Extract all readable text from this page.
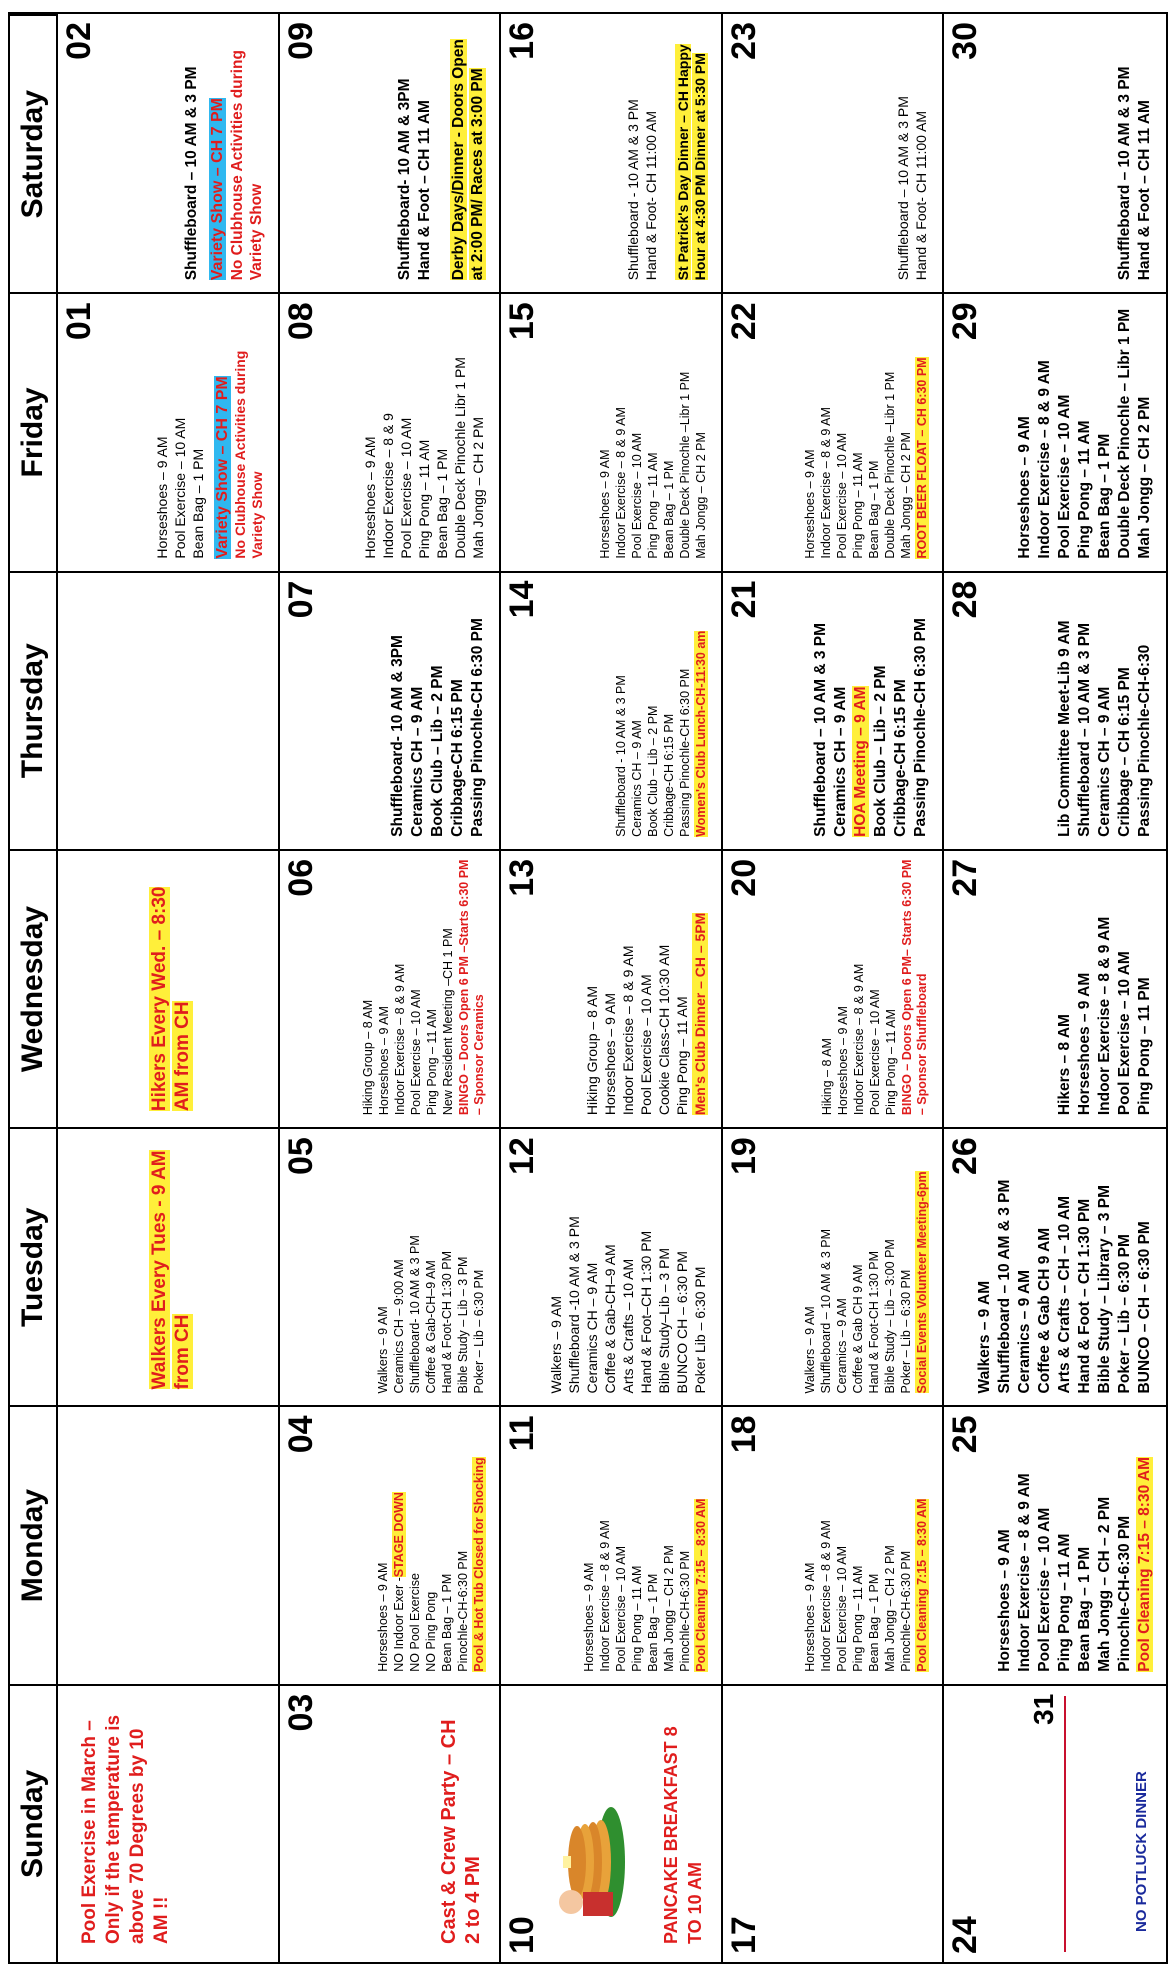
Sunday
Monday
Tuesday
Wednesday
Thursday
Friday
Saturday
Pool Exercise in March – Only if the temperature is above 70 Degrees by 10 AM !!
Walkers Every Tues - 9 AM from CH
Hikers Every Wed. – 8:30 AM from CH
01
Horseshoes – 9 AM Pool Exercise – 10 AM Bean Bag – 1 PM Variety Show – CH 7 PM No Clubhouse Activities during Variety Show
02
Shuffleboard – 10 AM & 3 PM Variety Show – CH 7 PM No Clubhouse Activities during Variety Show
03
Cast & Crew Party – CH 2 to 4 PM
04
Horseshoes – 9 AM NO Indoor Exer -STAGE DOWN
NO Pool Exercise NO Ping Pong Bean Bag – 1 PM Pinochle-CH-6:30 PM Pool & Hot Tub Closed for Shocking
05
Walkers – 9 AM Ceramics CH – 9:00 AM Shuffleboard- 10 AM & 3 PM Coffee & Gab-CH–9 AM Hand & Foot-CH 1:30 PM Bible Study – Lib – 3 PM Poker – Lib – 6:30 PM
06
Hiking Group – 8 AM Horseshoes – 9 AM Indoor Exercise – 8 & 9 AM Pool Exercise – 10 AM Ping Pong – 11 AM New Resident Meeting –CH 1 PM BINGO – Doors Open 6 PM –Starts 6:30 PM – Sponsor Ceramics
07
Shuffleboard- 10 AM & 3PM Ceramics CH – 9 AM Book Club – Lib – 2 PM Cribbage-CH 6:15 PM Passing Pinochle-CH 6:30 PM
08
Horseshoes – 9 AM Indoor Exercise – 8 & 9 Pool Exercise – 10 AM Ping Pong – 11 AM Bean Bag – 1 PM Double Deck Pinochle Libr 1 PM Mah Jongg – CH 2 PM
09
Shuffleboard- 10 AM & 3PM Hand & Foot – CH 11 AM Derby Days/Dinner - Doors Open at 2:00 PM/ Races at 3:00 PM
10	PANCAKE BREAKFAST 8 TO 10 AM
11
Horseshoes – 9 AM Indoor Exercise – 8 & 9 AM Pool Exercise – 10 AM Ping Pong – 11 AM Bean Bag – 1 PM Mah Jongg – CH 2 PM Pinochle-CH-6:30 PM Pool Cleaning 7:15 – 8:30 AM
12
Walkers – 9 AM Shuffleboard -10 AM & 3 PM Ceramics CH – 9 AM Coffee & Gab-CH–9 AM Arts & Crafts – 10 AM Hand & Foot–CH 1:30 PM Bible Study–Lib – 3 PM BUNCO CH – 6:30 PM Poker Lib – 6:30 PM
13
Hiking Group – 8 AM Horseshoes – 9 AM Indoor Exercise – 8 & 9 AM Pool Exercise – 10 AM Cookie Class-CH 10:30 AM Ping Pong – 11 AM Men's Club Dinner – CH – 5PM
14
Shuffleboard - 10 AM & 3 PM Ceramics CH – 9 AM Book Club – Lib – 2 PM Cribbage-CH 6:15 PM Passing Pinochle-CH 6:30 PM Women's Club Lunch-CH-11:30 am
15
Horseshoes – 9 AM Indoor Exercise – 8 & 9 AM Pool Exercise – 10 AM Ping Pong – 11 AM Bean Bag – 1 PM Double Deck Pinochle –Libr 1 PM Mah Jongg – CH 2 PM
16
Shuffleboard - 10 AM & 3 PM Hand & Foot- CH 11:00 AM St Patrick's Day Dinner – CH Happy Hour at 4:30 PM Dinner at 5:30 PM
17
18
Horseshoes – 9 AM Indoor Exercise – 8 & 9 AM Pool Exercise – 10 AM Ping Pong – 11 AM Bean Bag – 1 PM Mah Jongg – CH 2 PM Pinochle-CH-6:30 PM Pool Cleaning 7:15 – 8:30 AM
19
Walkers – 9 AM Shuffleboard – 10 AM & 3 PM Ceramics – 9 AM Coffee & Gab CH 9 AM Hand & Foot-CH 1:30 PM Bible Study – Lib – 3:00 PM Poker – Lib – 6:30 PM Social Events Volunteer Meeting-6pm
20
Hiking – 8 AM Horseshoes – 9 AM Indoor Exercise – 8 & 9 AM Pool Exercise – 10 AM Ping Pong – 11 AM BINGO – Doors Open 6 PM– Starts 6:30 PM – Sponsor Shuffleboard
21
Shuffleboard – 10 AM & 3 PM Ceramics CH – 9 AM HOA Meeting – 9 AM Book Club – Lib – 2 PM Cribbage-CH 6:15 PM Passing Pinochle-CH 6:30 PM
22
Horseshoes – 9 AM Indoor Exercise – 8 & 9 AM Pool Exercise – 10 AM Ping Pong – 11 AM Bean Bag – 1 PM Double Deck Pinochle –Libr 1 PM Mah Jongg – CH 2 PM ROOT BEER FLOAT – CH 6:30 PM
23
Shuffleboard – 10 AM & 3 PM Hand & Foot- CH 11:00 AM
24
31
NO POTLUCK DINNER
25
Horseshoes – 9 AM Indoor Exercise – 8 & 9 AM Pool Exercise – 10 AM Ping Pong – 11 AM Bean Bag – 1 PM Mah Jongg – CH – 2 PM Pinochle-CH-6:30 PM Pool Cleaning 7:15 – 8:30 AM
26
Walkers – 9 AM Shuffleboard – 10 AM & 3 PM Ceramics – 9 AM Coffee & Gab CH 9 AM Arts & Crafts – CH – 10 AM Hand & Foot – CH 1:30 PM Bible Study – Library – 3 PM Poker – Lib – 6:30 PM BUNCO – CH – 6:30 PM
27
Hikers – 8 AM Horseshoes – 9 AM Indoor Exercise – 8 & 9 AM Pool Exercise – 10 AM Ping Pong – 11 PM
28
Lib Committee Meet-Lib 9 AM Shuffleboard – 10 AM & 3 PM Ceramics CH – 9 AM Cribbage – CH 6:15 PM Passing Pinochle-CH-6:30
29
Horseshoes – 9 AM Indoor Exercise – 8 & 9 AM Pool Exercise – 10 AM Ping Pong – 11 AM Bean Bag – 1 PM Double Deck Pinochle – Libr 1 PM Mah Jongg – CH 2 PM
30
Shuffleboard – 10 AM & 3 PM Hand & Foot – CH 11 AM
